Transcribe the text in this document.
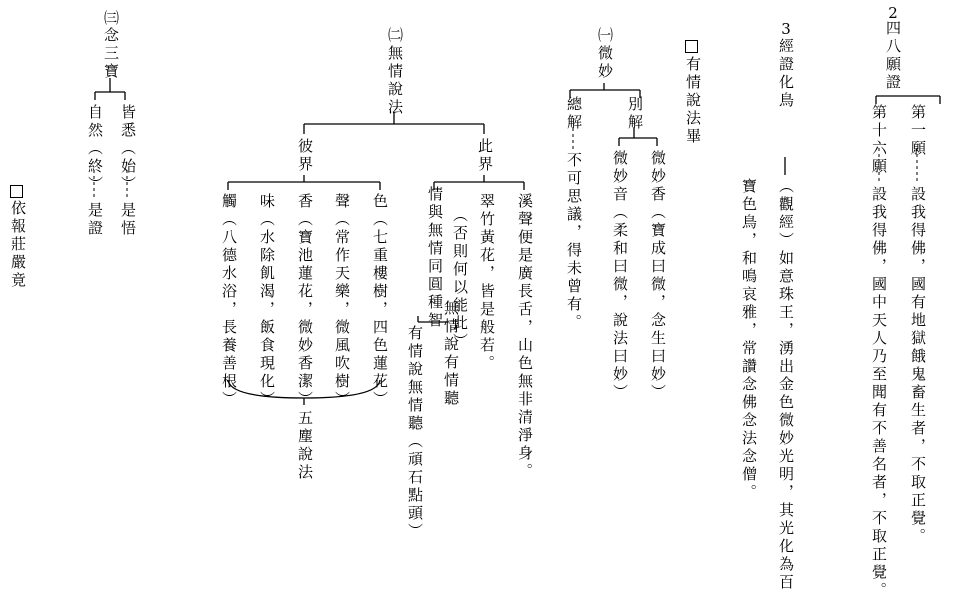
2
四八願證
第一願
設我得佛，國有地獄餓鬼畜生者，不取正覺。
第十六願
設我得佛，國中天人乃至聞有不善名者，不取正覺。
3
經證化鳥
（觀經）如意珠王，湧出金色微妙光明，其光化為百
寶色鳥，和鳴哀雅，常讚念佛念法念僧。
有情說法畢
㈠
微妙
別解
總解
不可思議，得未曾有。	微妙香（寶成曰微，念生曰妙）
微妙音（柔和曰微，說法曰妙）
㈡
無情說法
此界
彼界
溪聲便是廣長舌，山色無非清淨身。
翠竹黃花，皆是般若。
（否則何以能此）
情與無情同圓種智
無情說有情聽
有情說無情聽（頑石點頭）
色（七重樓樹，四色蓮花）
聲（常作天樂，微風吹樹）
香（寶池蓮花，微妙香潔）
味（水除飢渴，飯食現化）
觸（八德水浴，長養善根）
五塵說法
㈢
念三寶
皆悉（始）
是悟
自然（終）
是證
依報莊嚴竟
